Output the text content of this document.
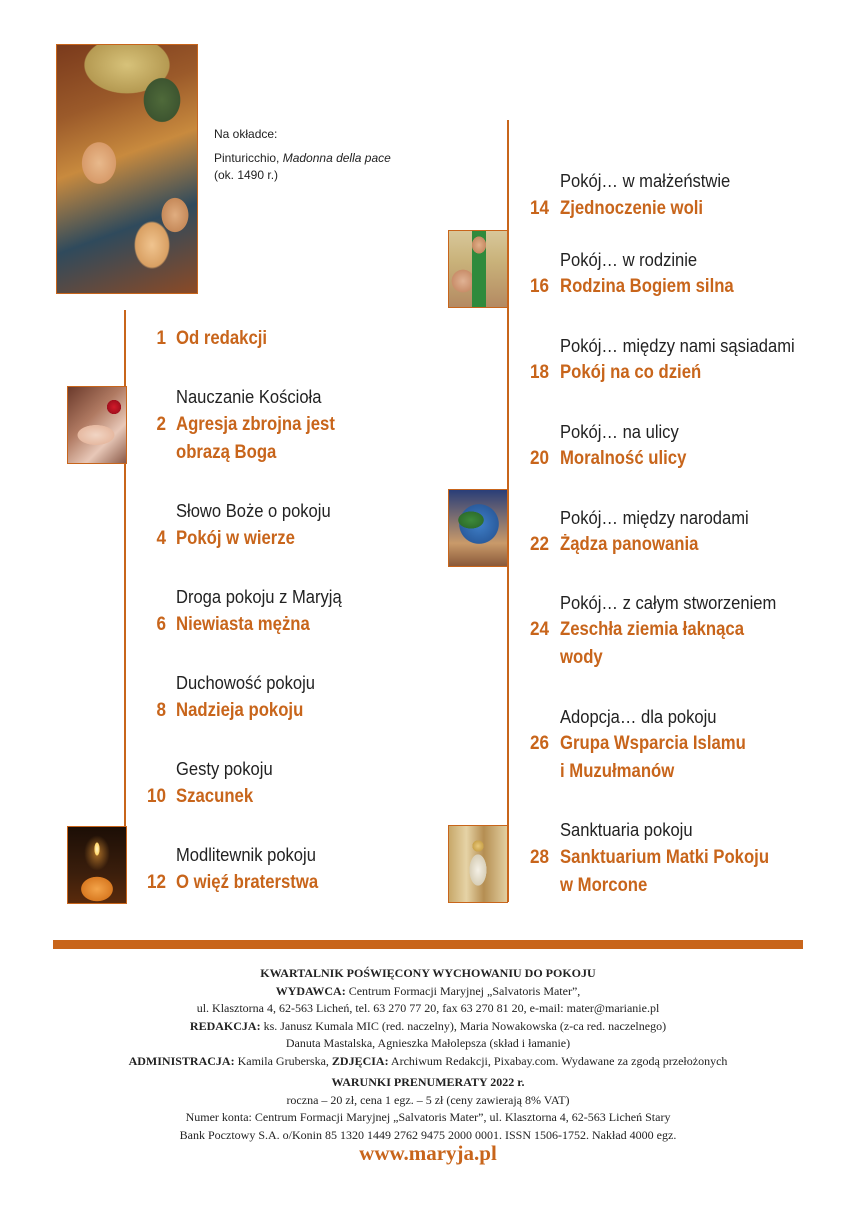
Na okładce:

Pinturicchio, Madonna della pace

(ok. 1490 r.)

1 Od redakcji
Nauczanie Kościoła
2 Agresja zbrojna jest
obrazą Boga
Słowo Boże o pokoju
4 Pokój w wierze
Droga pokoju z Maryją
6 Niewiasta mężna
Duchowość pokoju
8 Nadzieja pokoju
Gesty pokoju
10 Szacunek
Modlitewnik pokoju
12 O więź braterstwa
Pokój… w małżeństwie
14 Zjednoczenie woli
Pokój… w rodzinie
16 Rodzina Bogiem silna
Pokój… między nami sąsiadami
18 Pokój na co dzień
Pokój… na ulicy
20 Moralność ulicy
Pokój… między narodami
22 Żądza panowania
Pokój… z całym stworzeniem
24 Zeschła ziemia łaknąca
wody
Adopcja… dla pokoju
26 Grupa Wsparcia Islamu
i Muzułmanów
Sanktuaria pokoju
28 Sanktuarium Matki Pokoju
w Morcone
KWARTALNIK POŚWIĘCONY WYCHOWANIU DO POKOJU
WYDAWCA: Centrum Formacji Maryjnej „Salvatoris Mater”,
ul. Klasztorna 4, 62-563 Licheń, tel. 63 270 77 20, fax 63 270 81 20, e-mail: mater@marianie.pl
REDAKCJA: ks. Janusz Kumala MIC (red. naczelny), Maria Nowakowska (z-ca red. naczelnego)
Danuta Mastalska, Agnieszka Małolepsza (skład i łamanie)
ADMINISTRACJA: Kamila Gruberska, ZDJĘCIA: Archiwum Redakcji, Pixabay.com. Wydawane za zgodą przełożonych
WARUNKI PRENUMERATY 2022 r.
roczna – 20 zł, cena 1 egz. – 5 zł (ceny zawierają 8% VAT)
Numer konta: Centrum Formacji Maryjnej „Salvatoris Mater”, ul. Klasztorna 4, 62-563 Licheń Stary
Bank Pocztowy S.A. o/Konin 85 1320 1449 2762 9475 2000 0001. ISSN 1506-1752. Nakład 4000 egz.
www.maryja.pl
